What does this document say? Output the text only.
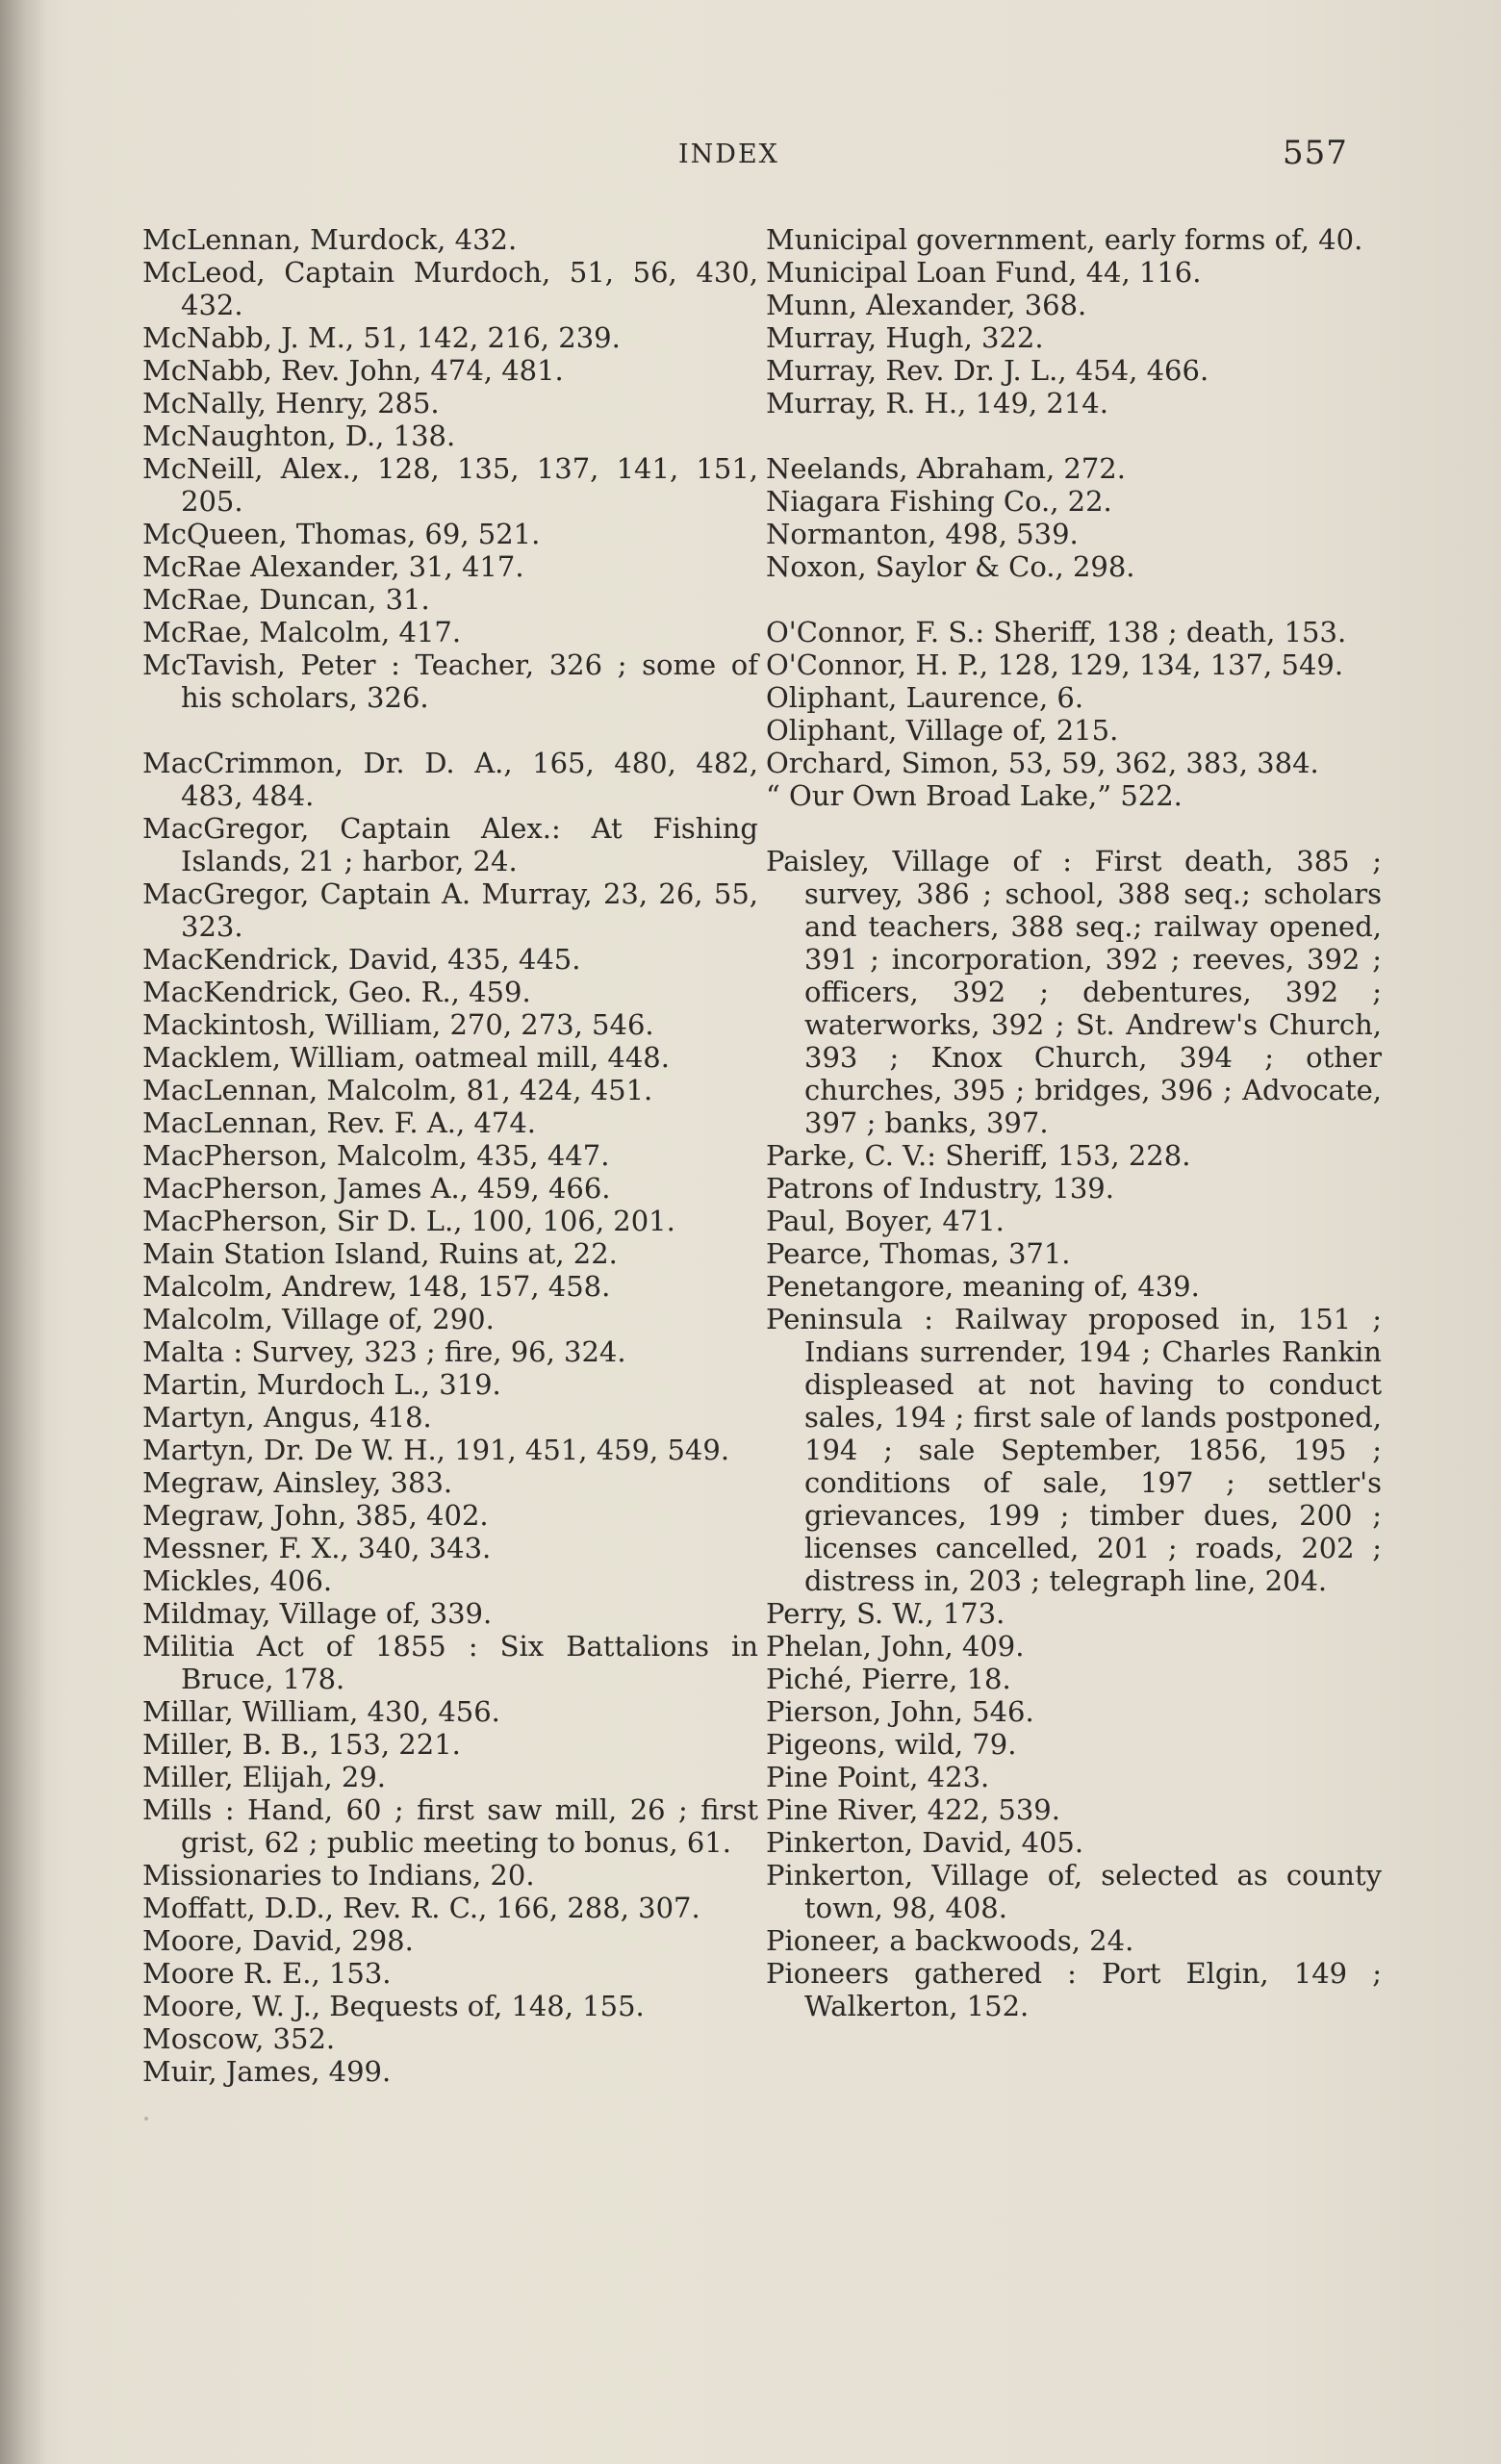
INDEX	557
McLennan, Murdock, 432.
McLeod, Captain Murdoch, 51, 56, 430, 432.
McNabb, J. M., 51, 142, 216, 239.
McNabb, Rev. John, 474, 481.
McNally, Henry, 285.
McNaughton, D., 138.
McNeill, Alex., 128, 135, 137, 141, 151, 205.
McQueen, Thomas, 69, 521.
McRae Alexander, 31, 417.
McRae, Duncan, 31.
McRae, Malcolm, 417.
McTavish, Peter : Teacher, 326 ; some of his scholars, 326.
MacCrimmon, Dr. D. A., 165, 480, 482, 483, 484.
MacGregor, Captain Alex.: At Fishing Islands, 21 ; harbor, 24.
MacGregor, Captain A. Murray, 23, 26, 55, 323.
MacKendrick, David, 435, 445.
MacKendrick, Geo. R., 459.
Mackintosh, William, 270, 273, 546.
Macklem, William, oatmeal mill, 448.
MacLennan, Malcolm, 81, 424, 451.
MacLennan, Rev. F. A., 474.
MacPherson, Malcolm, 435, 447.
MacPherson, James A., 459, 466.
MacPherson, Sir D. L., 100, 106, 201.
Main Station Island, Ruins at, 22.
Malcolm, Andrew, 148, 157, 458.
Malcolm, Village of, 290.
Malta : Survey, 323 ; fire, 96, 324.
Martin, Murdoch L., 319.
Martyn, Angus, 418.
Martyn, Dr. De W. H., 191, 451, 459, 549.
Megraw, Ainsley, 383.
Megraw, John, 385, 402.
Messner, F. X., 340, 343.
Mickles, 406.
Mildmay, Village of, 339.
Militia Act of 1855 : Six Battalions in Bruce, 178.
Millar, William, 430, 456.
Miller, B. B., 153, 221.
Miller, Elijah, 29.
Mills : Hand, 60 ; first saw mill, 26 ; first grist, 62 ; public meeting to bonus, 61.
Missionaries to Indians, 20.
Moffatt, D.D., Rev. R. C., 166, 288, 307.
Moore, David, 298.
Moore R. E., 153.
Moore, W. J., Bequests of, 148, 155.
Moscow, 352.
Muir, James, 499.
Municipal government, early forms of, 40.
Municipal Loan Fund, 44, 116.
Munn, Alexander, 368.
Murray, Hugh, 322.
Murray, Rev. Dr. J. L., 454, 466.
Murray, R. H., 149, 214.
Neelands, Abraham, 272.
Niagara Fishing Co., 22.
Normanton, 498, 539.
Noxon, Saylor & Co., 298.
O'Connor, F. S.: Sheriff, 138 ; death, 153.
O'Connor, H. P., 128, 129, 134, 137, 549.
Oliphant, Laurence, 6.
Oliphant, Village of, 215.
Orchard, Simon, 53, 59, 362, 383, 384.
“ Our Own Broad Lake,” 522.
Paisley, Village of : First death, 385 ; survey, 386 ; school, 388 seq.; scholars and teachers, 388 seq.; railway opened, 391 ; incorporation, 392 ; reeves, 392 ; officers, 392 ; debentures, 392 ; waterworks, 392 ; St. Andrew's Church, 393 ; Knox Church, 394 ; other churches, 395 ; bridges, 396 ; Advocate, 397 ; banks, 397.
Parke, C. V.: Sheriff, 153, 228.
Patrons of Industry, 139.
Paul, Boyer, 471.
Pearce, Thomas, 371.
Penetangore, meaning of, 439.
Peninsula : Railway proposed in, 151 ; Indians surrender, 194 ; Charles Rankin displeased at not having to conduct sales, 194 ; first sale of lands postponed, 194 ; sale September, 1856, 195 ; conditions of sale, 197 ; settler's grievances, 199 ; timber dues, 200 ; licenses cancelled, 201 ; roads, 202 ; distress in, 203 ; telegraph line, 204.
Perry, S. W., 173.
Phelan, John, 409.
Piché, Pierre, 18.
Pierson, John, 546.
Pigeons, wild, 79.
Pine Point, 423.
Pine River, 422, 539.
Pinkerton, David, 405.
Pinkerton, Village of, selected as county town, 98, 408.
Pioneer, a backwoods, 24.
Pioneers gathered : Port Elgin, 149 ; Walkerton, 152.
